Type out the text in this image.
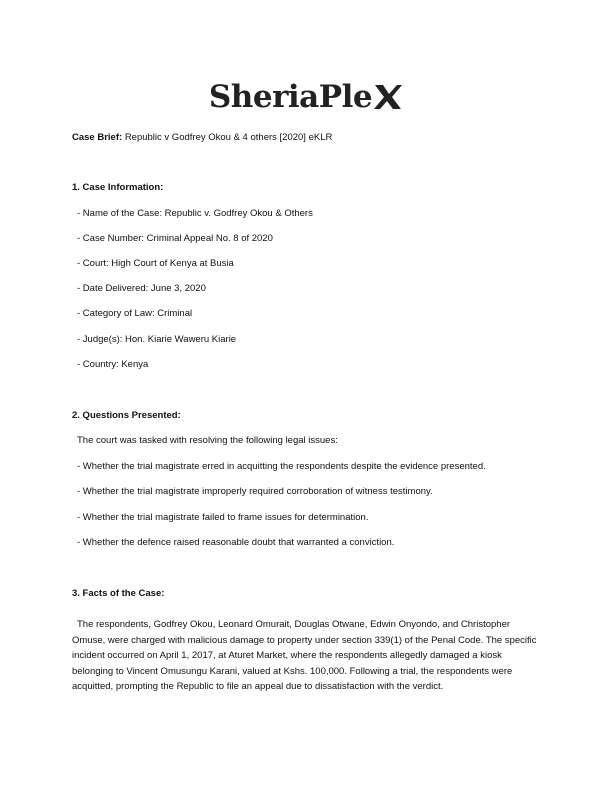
SheriaPle
Case Brief: Republic v Godfrey Okou & 4 others [2020] eKLR
1. Case Information:
- Name of the Case: Republic v. Godfrey Okou & Others
- Case Number: Criminal Appeal No. 8 of 2020
- Court: High Court of Kenya at Busia
- Date Delivered: June 3, 2020
- Category of Law: Criminal
- Judge(s): Hon. Kiarie Waweru Kiarie
- Country: Kenya
2. Questions Presented:
The court was tasked with resolving the following legal issues:
- Whether the trial magistrate erred in acquitting the respondents despite the evidence presented.
- Whether the trial magistrate improperly required corroboration of witness testimony.
- Whether the trial magistrate failed to frame issues for determination.
- Whether the defence raised reasonable doubt that warranted a conviction.
3. Facts of the Case:
The respondents, Godfrey Okou, Leonard Omurait, Douglas Otwane, Edwin Onyondo, and Christopher Omuse, were charged with malicious damage to property under section 339(1) of the Penal Code. The specific incident occurred on April 1, 2017, at Aturet Market, where the respondents allegedly damaged a kiosk belonging to Vincent Omusungu Karani, valued at Kshs. 100,000. Following a trial, the respondents were acquitted, prompting the Republic to file an appeal due to dissatisfaction with the verdict.
